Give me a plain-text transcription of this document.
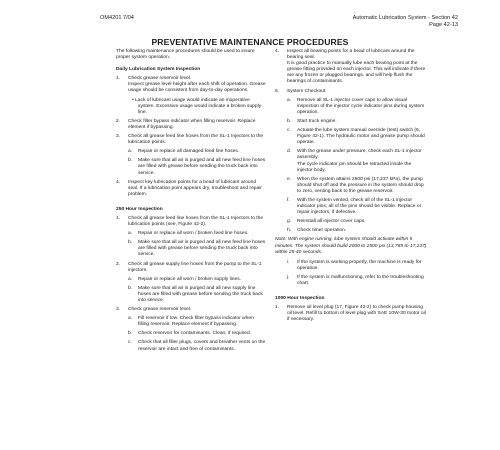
OM4201 7/04	Automatic Lubrication System - Section 42
Page 42-13
PREVENTATIVE MAINTENANCE PROCEDURES

The following maintenance procedures should be used to insure proper system operation.

Daily Lubrication System Inspection
1. Check grease reservoir level.
Inspect grease level height after each shift of operation. Grease usage should be consistent from day-to-day operations.
• Lack of lubricant usage would indicate an inoperative system. Excessive usage would indicate a broken supply line.
2. Check filter bypass indicator when filling reservoir. Replace element if bypassing.
3. Check all grease feed line hoses from the SL-1 Injectors to the lubrication points.
a. Repair or replace all damaged feed line hoses.
b. Make sure that all air is purged and all new feed line hoses are filled with grease before sending the truck back into service.
4. Inspect key lubrication points for a bead of lubricant around seal. If a lubrication point appears dry, troubleshoot and repair problem.
250 Hour Inspection
1. Check all grease feed line hoses from the SL-1 Injectors to the lubrication points (see, Figure 42-2).
a. Repair or replace all worn / broken feed line hoses.
b. Make sure that all air is purged and all new feed line hoses are filled with grease before sending the truck back into service.
2. Check all grease supply line hoses from the pump to the SL-1 injectors.
a. Repair or replace all worn / broken supply lines.
b. Make sure that all air is purged and all new supply line hoses are filled with grease before sending the truck back into service.
3. Check grease reservoir level.
a. Fill reservoir if low. Check filter bypass indicator when filling reservoir. Replace element if bypassing.
b. Check reservoir for contaminants. Clean, if required.
c. Check that all filler plugs, covers and breather vents on the reservoir are intact and free of contaminants.
4. Inspect all bearing points for a bead of lubricant around the bearing seal.
It is good practice to manually lube each bearing point at the grease fitting provided on each injector. This will indicate if there are any frozen or plugged bearings, and will help flush the bearings of contaminants.
5. System Checkout
a. Remove all SL-1 injector cover caps to allow visual inspection of the injector cycle indicator pins during system operation.
b. Start truck engine.
c. Actuate the lube system manual override (test) switch (6, Figure 42-1). The hydraulic motor and grease pump should operate.
d. With the grease under pressure, check each SL-1 injector assembly.
The cycle indicator pin should be retracted inside the injector body.
e. When the system attains 2500 psi (17,237 kPa), the pump should shut off and the pressure in the system should drop to zero, venting back to the grease reservoir.
f. With the system vented, check all of the SL-1 injector indicator pins; all of the pins should be visible. Replace or repair injectors, if defective.
g. Reinstall all injector cover caps.
h. Check timer operation.
Note: With engine running, lube system should activate within 5 minutes. The system should build 2000 to 2500 psi (13,789 to 17,237) within 25-40 seconds.
i. If the system is working properly, the machine is ready for operation.
j. If the system is malfunctioning, refer to the troubleshooting chart.
1000 Hour Inspection
1. Remove oil level plug (17, Figure 42-2) to check pump housing oil level. Refill to bottom of level plug with SAE 10W-30 motor oil if necessary.
